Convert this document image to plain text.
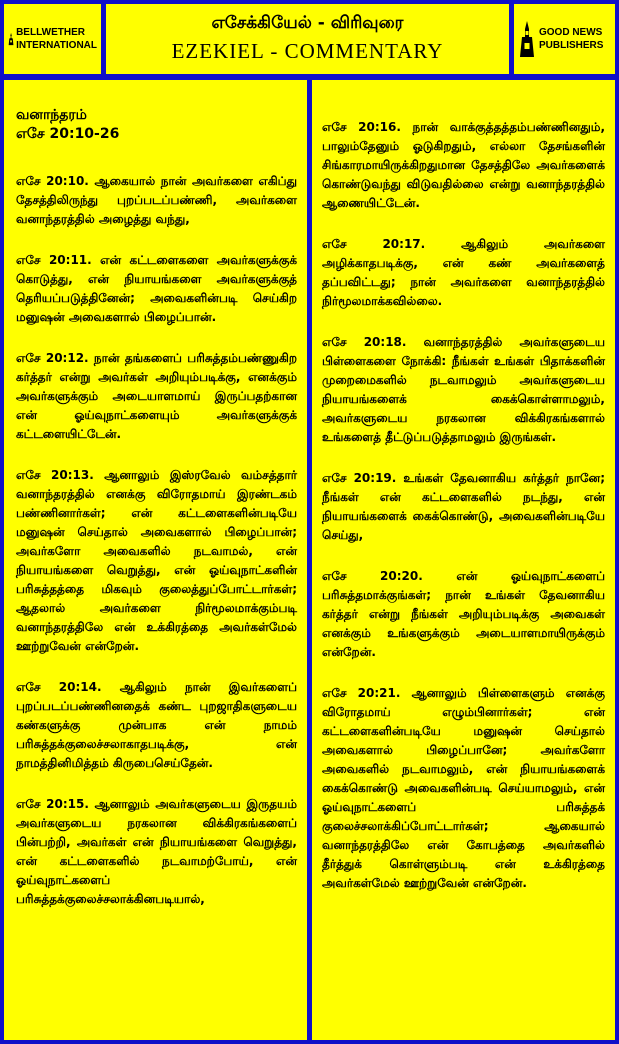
BELLWETHER
INTERNATIONAL
எசேக்கியேல் - விரிவுரை
EZEKIEL - COMMENTARY
GOOD NEWS
PUBLISHERS
வனாந்தரம்
எசே 20:10-26

எசே 20:10. ஆகையால் நான் அவர்களை எகிப்து தேசத்திலிருந்து புறப்படப்பண்ணி, அவர்களை வனாந்தரத்தில் அழைத்து வந்து,

எசே 20:11. என் கட்டளைகளை அவர்களுக்குக் கொடுத்து, என் நியாயங்களை அவர்களுக்குத் தெரியப்படுத்தினேன்; அவைகளின்படி செய்கிற மனுஷன் அவைகளால் பிழைப்பான்.

எசே 20:12. நான் தங்களைப் பரிசுத்தம்பண்ணுகிற கர்த்தர் என்று அவர்கள் அறியும்படிக்கு, எனக்கும் அவர்களுக்கும் அடையாளமாய் இருப்பதற்கான என் ஓய்வுநாட்களையும் அவர்களுக்குக் கட்டளையிட்டேன்.

எசே 20:13. ஆனாலும் இஸ்ரவேல் வம்சத்தார் வனாந்தரத்தில் எனக்கு விரோதமாய் இரண்டகம் பண்ணினார்கள்; என் கட்டளைகளின்படியே மனுஷன் செய்தால் அவைகளால் பிழைப்பான்; அவர்களோ அவைகளில் நடவாமல், என் நியாயங்களை வெறுத்து, என் ஓய்வுநாட்களின் பரிசுத்தத்தை மிகவும் குலைத்துப்போட்டார்கள்; ஆதலால் அவர்களை நிர்மூலமாக்கும்படி வனாந்தரத்திலே என் உக்கிரத்தை அவர்கள்மேல் ஊற்றுவேன் என்றேன்.

எசே 20:14. ஆகிலும் நான் இவர்களைப் புறப்படப்பண்ணினதைக் கண்ட புறஜாதிகளுடைய கண்களுக்கு முன்பாக என் நாமம் பரிசுத்தக்குலைச்சலாகாதபடிக்கு, என் நாமத்தினிமித்தம் கிருபைசெய்தேன்.

எசே 20:15. ஆனாலும் அவர்களுடைய இருதயம் அவர்களுடைய நரகலான விக்கிரகங்களைப் பின்பற்றி, அவர்கள் என் நியாயங்களை வெறுத்து, என் கட்டளைகளில் நடவாமற்போய், என் ஓய்வுநாட்களைப் பரிசுத்தக்குலைச்சலாக்கினபடியால்,

எசே 20:16. நான் வாக்குத்தத்தம்பண்ணினதும், பாலும்தேனும் ஓடுகிறதும், எல்லா தேசங்களின் சிங்காரமாயிருக்கிறதுமான தேசத்திலே அவர்களைக் கொண்டுவந்து விடுவதில்லை என்று வனாந்தரத்தில் ஆணையிட்டேன்.

எசே 20:17. ஆகிலும் அவர்களை அழிக்காதபடிக்கு, என் கண் அவர்களைத் தப்பவிட்டது; நான் அவர்களை வனாந்தரத்தில் நிர்மூலமாக்கவில்லை.

எசே 20:18. வனாந்தரத்தில் அவர்களுடைய பிள்ளைகளை நோக்கி: நீங்கள் உங்கள் பிதாக்களின் முறைமைகளில் நடவாமலும் அவர்களுடைய நியாயங்களைக் கைக்கொள்ளாமலும், அவர்களுடைய நரகலான விக்கிரகங்களால் உங்களைத் தீட்டுப்படுத்தாமலும் இருங்கள்.

எசே 20:19. உங்கள் தேவனாகிய கர்த்தர் நானே; நீங்கள் என் கட்டளைகளில் நடந்து, என் நியாயங்களைக் கைக்கொண்டு, அவைகளின்படியே செய்து,

எசே 20:20. என் ஓய்வுநாட்களைப் பரிசுத்தமாக்குங்கள்; நான் உங்கள் தேவனாகிய கர்த்தர் என்று நீங்கள் அறியும்படிக்கு அவைகள் எனக்கும் உங்களுக்கும் அடையாளமாயிருக்கும் என்றேன்.

எசே 20:21. ஆனாலும் பிள்ளைகளும் எனக்கு விரோதமாய் எழும்பினார்கள்; என் கட்டளைகளின்படியே மனுஷன் செய்தால் அவைகளால் பிழைப்பானே; அவர்களோ அவைகளில் நடவாமலும், என் நியாயங்களைக் கைக்கொண்டு அவைகளின்படி செய்யாமலும், என் ஓய்வுநாட்களைப் பரிசுத்தக் குலைச்சலாக்கிப்போட்டார்கள்; ஆகையால் வனாந்தரத்திலே என் கோபத்தை அவர்களில் தீர்த்துக் கொள்ளும்படி என் உக்கிரத்தை அவர்கள்மேல் ஊற்றுவேன் என்றேன்.
